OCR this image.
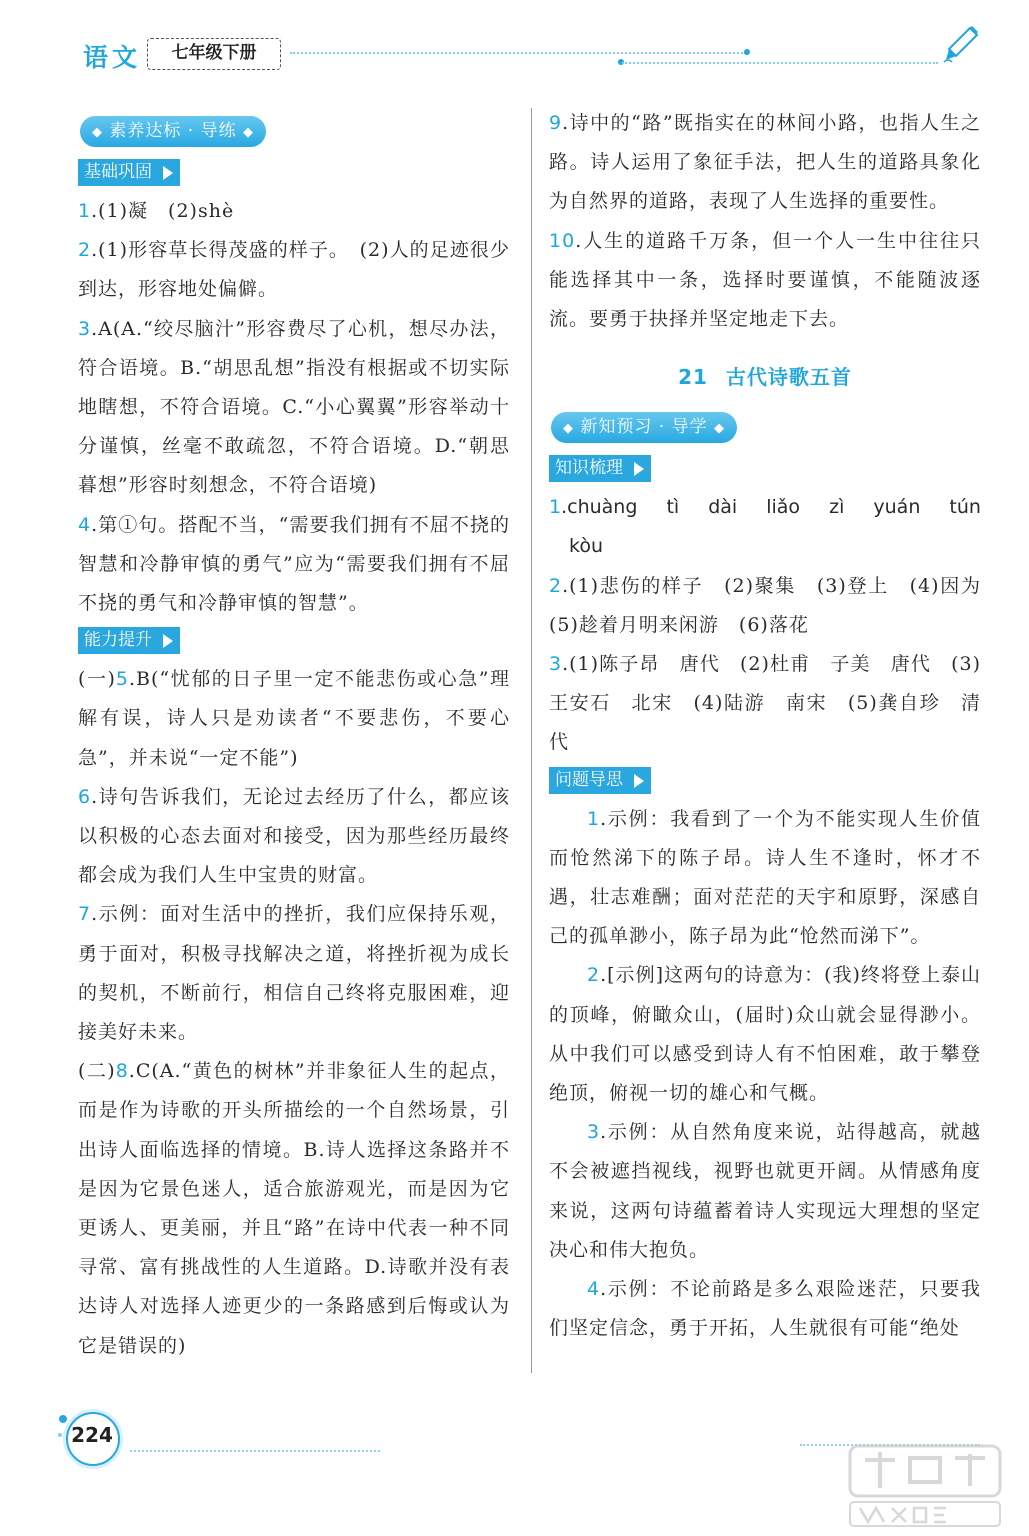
语文	七年级下册
◆ 素养达标 · 导练 ◆
基础巩固
1.(1)凝　(2)shè
2.(1)形容草长得茂盛的样子。　(2)人的足迹很少到达，形容地处偏僻。
3.A(A.“绞尽脑汁”形容费尽了心机，想尽办法，符合语境。B.“胡思乱想”指没有根据或不切实际地瞎想，不符合语境。C.“小心翼翼”形容举动十分谨慎，丝毫不敢疏忽，不符合语境。D.“朝思暮想”形容时刻想念，不符合语境)
4.第①句。搭配不当，“需要我们拥有不屈不挠的智慧和冷静审慎的勇气”应为“需要我们拥有不屈不挠的勇气和冷静审慎的智慧”。
能力提升
(一)5.B(“忧郁的日子里一定不能悲伤或心急”理解有误，诗人只是劝读者“不要悲伤，不要心急”，并未说“一定不能”)
6.诗句告诉我们，无论过去经历了什么，都应该以积极的心态去面对和接受，因为那些经历最终都会成为我们人生中宝贵的财富。
7.示例：面对生活中的挫折，我们应保持乐观，勇于面对，积极寻找解决之道，将挫折视为成长的契机，不断前行，相信自己终将克服困难，迎接美好未来。
(二)8.C(A.“黄色的树林”并非象征人生的起点，而是作为诗歌的开头所描绘的一个自然场景，引出诗人面临选择的情境。B.诗人选择这条路并不是因为它景色迷人，适合旅游观光，而是因为它更诱人、更美丽，并且“路”在诗中代表一种不同寻常、富有挑战性的人生道路。D.诗歌并没有表达诗人对选择人迹更少的一条路感到后悔或认为它是错误的)
9.诗中的“路”既指实在的林间小路，也指人生之路。诗人运用了象征手法，把人生的道路具象化为自然界的道路，表现了人生选择的重要性。
10.人生的道路千万条，但一个人一生中往往只能选择其中一条，选择时要谨慎，不能随波逐流。要勇于抉择并坚定地走下去。
21 古代诗歌五首
◆ 新知预习 · 导学 ◆
知识梳理
1.chuàng tì dài liǎo zì yuán tún
kòu
2.(1)悲伤的样子　(2)聚集　(3)登上　(4)因为　(5)趁着月明来闲游　(6)落花
3.(1)陈子昂　唐代　(2)杜甫　子美　唐代　(3)王安石　北宋　(4)陆游　南宋　(5)龚自珍　清代
问题导思
1.示例：我看到了一个为不能实现人生价值而怆然涕下的陈子昂。诗人生不逢时，怀才不遇，壮志难酬；面对茫茫的天宇和原野，深感自己的孤单渺小，陈子昂为此“怆然而涕下”。
2.[示例]这两句的诗意为：(我)终将登上泰山的顶峰，俯瞰众山，(届时)众山就会显得渺小。从中我们可以感受到诗人有不怕困难，敢于攀登绝顶，俯视一切的雄心和气概。
3.示例：从自然角度来说，站得越高，就越不会被遮挡视线，视野也就更开阔。从情感角度来说，这两句诗蕴蓄着诗人实现远大理想的坚定决心和伟大抱负。
4.示例：不论前路是多么艰险迷茫，只要我们坚定信念，勇于开拓，人生就很有可能“绝处
224
